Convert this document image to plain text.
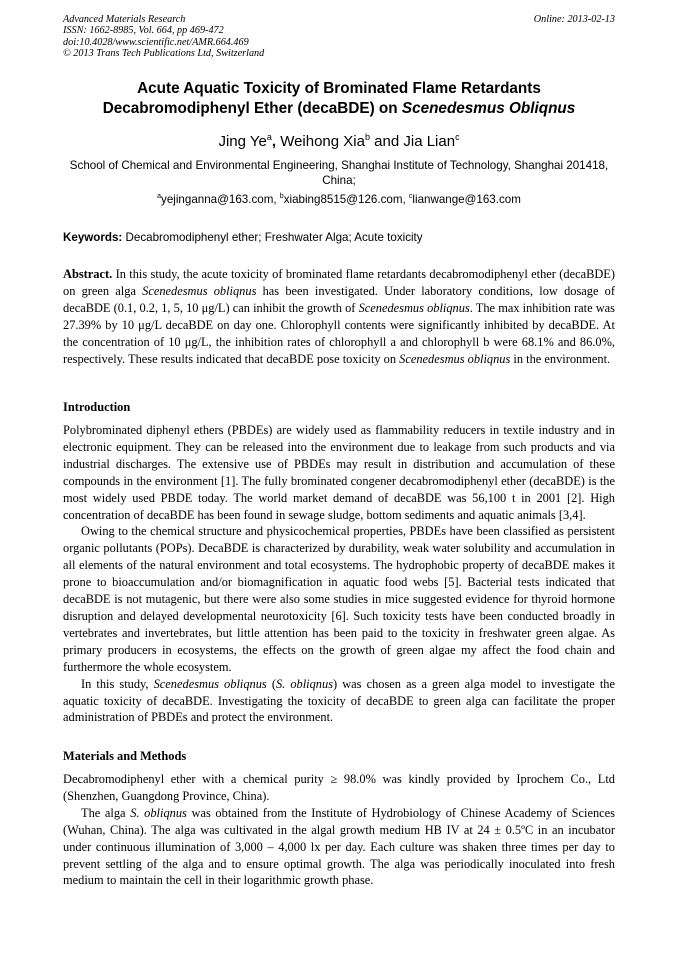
Advanced Materials Research
ISSN: 1662-8985, Vol. 664, pp 469-472
doi:10.4028/www.scientific.net/AMR.664.469
© 2013 Trans Tech Publications Ltd, Switzerland
Online: 2013-02-13
Acute Aquatic Toxicity of Brominated Flame Retardants
Decabromodiphenyl Ether (decaBDE) on Scenedesmus Obliqnus
Jing Ye$^a$, Weihong Xia$^b$ and Jia Lian$^c$
School of Chemical and Environmental Engineering, Shanghai Institute of Technology, Shanghai 201418, China;
$^a$yejinganna@163.com, $^b$xiabing8515@126.com, $^c$lianwange@163.com
Keywords: Decabromodiphenyl ether; Freshwater Alga; Acute toxicity
Abstract. In this study, the acute toxicity of brominated flame retardants decabromodiphenyl ether (decaBDE) on green alga Scenedesmus obliqnus has been investigated. Under laboratory conditions, low dosage of decaBDE (0.1, 0.2, 1, 5, 10 μg/L) can inhibit the growth of Scenedesmus obliqnus. The max inhibition rate was 27.39% by 10 μg/L decaBDE on day one. Chlorophyll contents were significantly inhibited by decaBDE. At the concentration of 10 μg/L, the inhibition rates of chlorophyll a and chlorophyll b were 68.1% and 86.0%, respectively. These results indicated that decaBDE pose toxicity on Scenedesmus obliqnus in the environment.
Introduction

Polybrominated diphenyl ethers (PBDEs) are widely used as flammability reducers in textile industry and in electronic equipment. They can be released into the environment due to leakage from such products and via industrial discharges. The extensive use of PBDEs may result in distribution and accumulation of these compounds in the environment [1]. The fully brominated congener decabromodiphenyl ether (decaBDE) is the most widely used PBDE today. The world market demand of decaBDE was 56,100 t in 2001 [2]. High concentration of decaBDE has been found in sewage sludge, bottom sediments and aquatic animals [3,4].

Owing to the chemical structure and physicochemical properties, PBDEs have been classified as persistent organic pollutants (POPs). DecaBDE is characterized by durability, weak water solubility and accumulation in all elements of the natural environment and total ecosystems. The hydrophobic property of decaBDE makes it prone to bioaccumulation and/or biomagnification in aquatic food webs [5]. Bacterial tests indicated that decaBDE is not mutagenic, but there were also some studies in mice suggested evidence for thyroid hormone disruption and delayed developmental neurotoxicity [6]. Such toxicity tests have been conducted broadly in vertebrates and invertebrates, but little attention has been paid to the toxicity in freshwater green algae. As primary producers in ecosystems, the effects on the growth of green algae my affect the food chain and furthermore the whole ecosystem.

In this study, Scenedesmus obliqnus (S. obliqnus) was chosen as a green alga model to investigate the aquatic toxicity of decaBDE. Investigating the toxicity of decaBDE to green alga can facilitate the proper administration of PBDEs and protect the environment.

Materials and Methods

Decabromodiphenyl ether with a chemical purity ≥ 98.0% was kindly provided by Iprochem Co., Ltd (Shenzhen, Guangdong Province, China).

The alga S. obliqnus was obtained from the Institute of Hydrobiology of Chinese Academy of Sciences (Wuhan, China). The alga was cultivated in the algal growth medium HB IV at 24 ± 0.5ºC in an incubator under continuous illumination of 3,000 – 4,000 lx per day. Each culture was shaken three times per day to prevent settling of the alga and to ensure optimal growth. The alga was periodically inoculated into fresh medium to maintain the cell in their logarithmic growth phase.
